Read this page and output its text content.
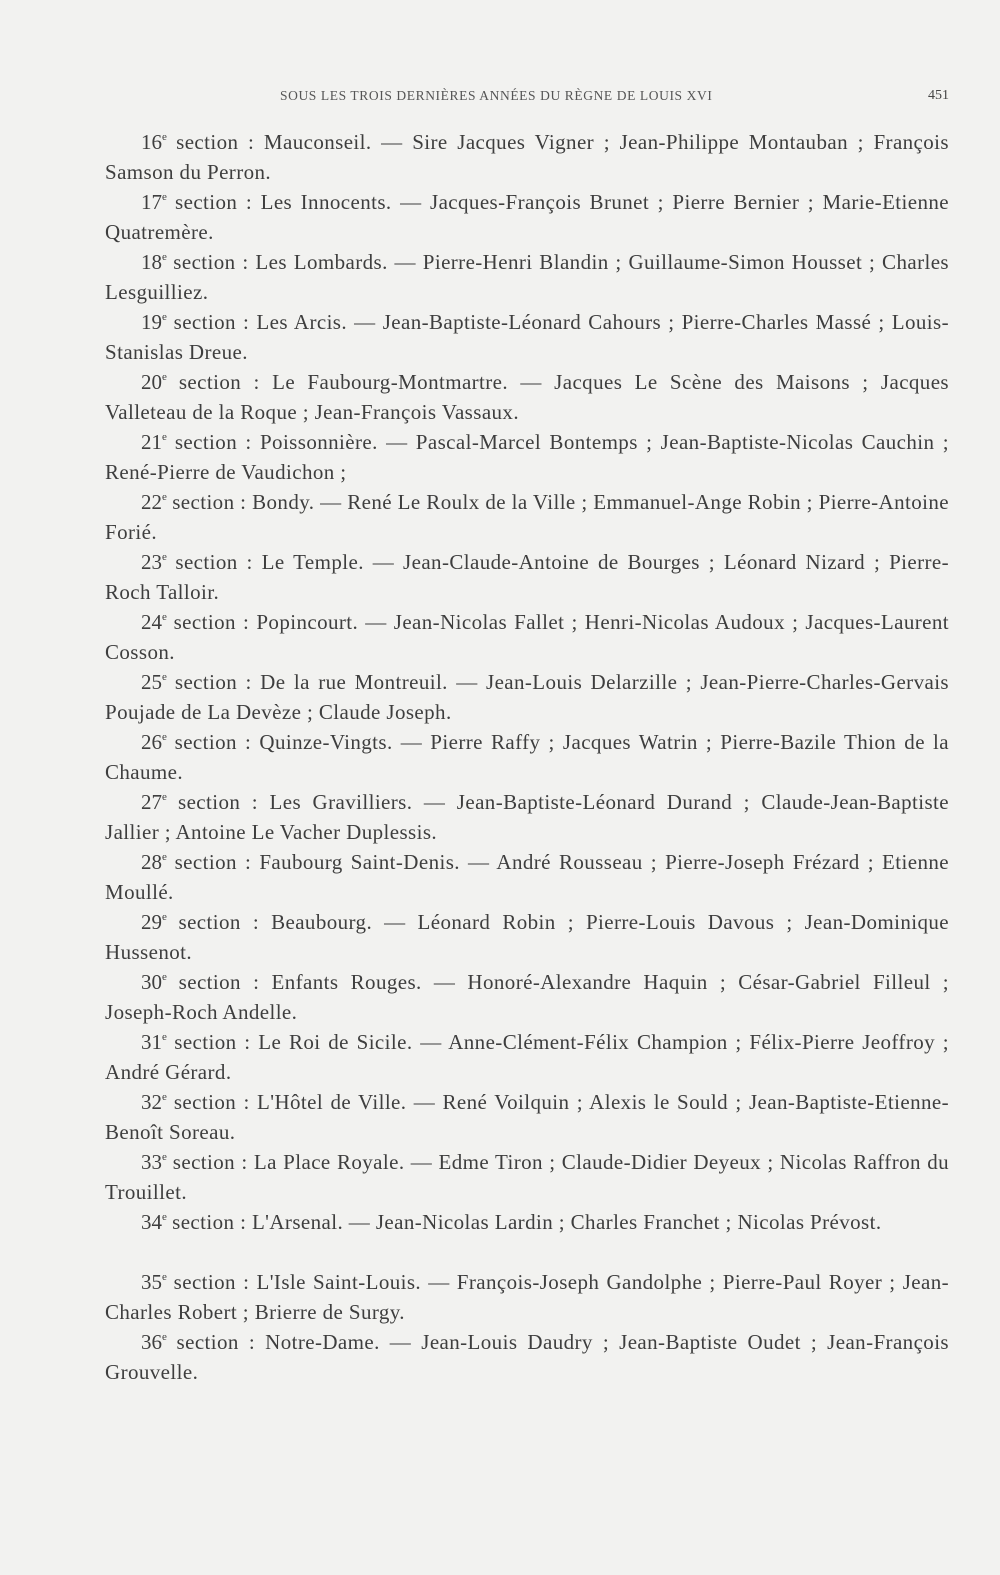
SOUS LES TROIS DERNIÈRES ANNÉES DU RÈGNE DE LOUIS XVI	451

16e section : Mauconseil. — Sire Jacques Vigner ; Jean-Philippe Montauban ; François Samson du Perron.

17e section : Les Innocents. — Jacques-François Brunet ; Pierre Bernier ; Marie-Etienne Quatremère.

18e section : Les Lombards. — Pierre-Henri Blandin ; Guillaume-Simon Housset ; Charles Lesguilliez.

19e section : Les Arcis. — Jean-Baptiste-Léonard Cahours ; Pierre-Charles Massé ; Louis-Stanislas Dreue.

20e section : Le Faubourg-Montmartre. — Jacques Le Scène des Maisons ; Jacques Valleteau de la Roque ; Jean-François Vassaux.

21e section : Poissonnière. — Pascal-Marcel Bontemps ; Jean-Baptiste-Nicolas Cauchin ; René-Pierre de Vaudichon ;

22e section : Bondy. — René Le Roulx de la Ville ; Emmanuel-Ange Robin ; Pierre-Antoine Forié.

23e section : Le Temple. — Jean-Claude-Antoine de Bourges ; Léonard Nizard ; Pierre-Roch Talloir.

24e section : Popincourt. — Jean-Nicolas Fallet ; Henri-Nicolas Audoux ; Jacques-Laurent Cosson.

25e section : De la rue Montreuil. — Jean-Louis Delarzille ; Jean-Pierre-Charles-Gervais Poujade de La Devèze ; Claude Joseph.

26e section : Quinze-Vingts. — Pierre Raffy ; Jacques Watrin ; Pierre-Bazile Thion de la Chaume.

27e section : Les Gravilliers. — Jean-Baptiste-Léonard Durand ; Claude-Jean-Baptiste Jallier ; Antoine Le Vacher Duplessis.

28e section : Faubourg Saint-Denis. — André Rousseau ; Pierre-Joseph Frézard ; Etienne Moullé.

29e section : Beaubourg. — Léonard Robin ; Pierre-Louis Davous ; Jean-Dominique Hussenot.

30e section : Enfants Rouges. — Honoré-Alexandre Haquin ; César-Gabriel Filleul ; Joseph-Roch Andelle.

31e section : Le Roi de Sicile. — Anne-Clément-Félix Champion ; Félix-Pierre Jeoffroy ; André Gérard.

32e section : L'Hôtel de Ville. — René Voilquin ; Alexis le Sould ; Jean-Baptiste-Etienne-Benoît Soreau.

33e section : La Place Royale. — Edme Tiron ; Claude-Didier Deyeux ; Nicolas Raffron du Trouillet.

34e section : L'Arsenal. — Jean-Nicolas Lardin ; Charles Franchet ; Nicolas Prévost.

35e section : L'Isle Saint-Louis. — François-Joseph Gandolphe ; Pierre-Paul Royer ; Jean-Charles Robert ; Brierre de Surgy.

36e section : Notre-Dame. — Jean-Louis Daudry ; Jean-Baptiste Oudet ; Jean-François Grouvelle.
